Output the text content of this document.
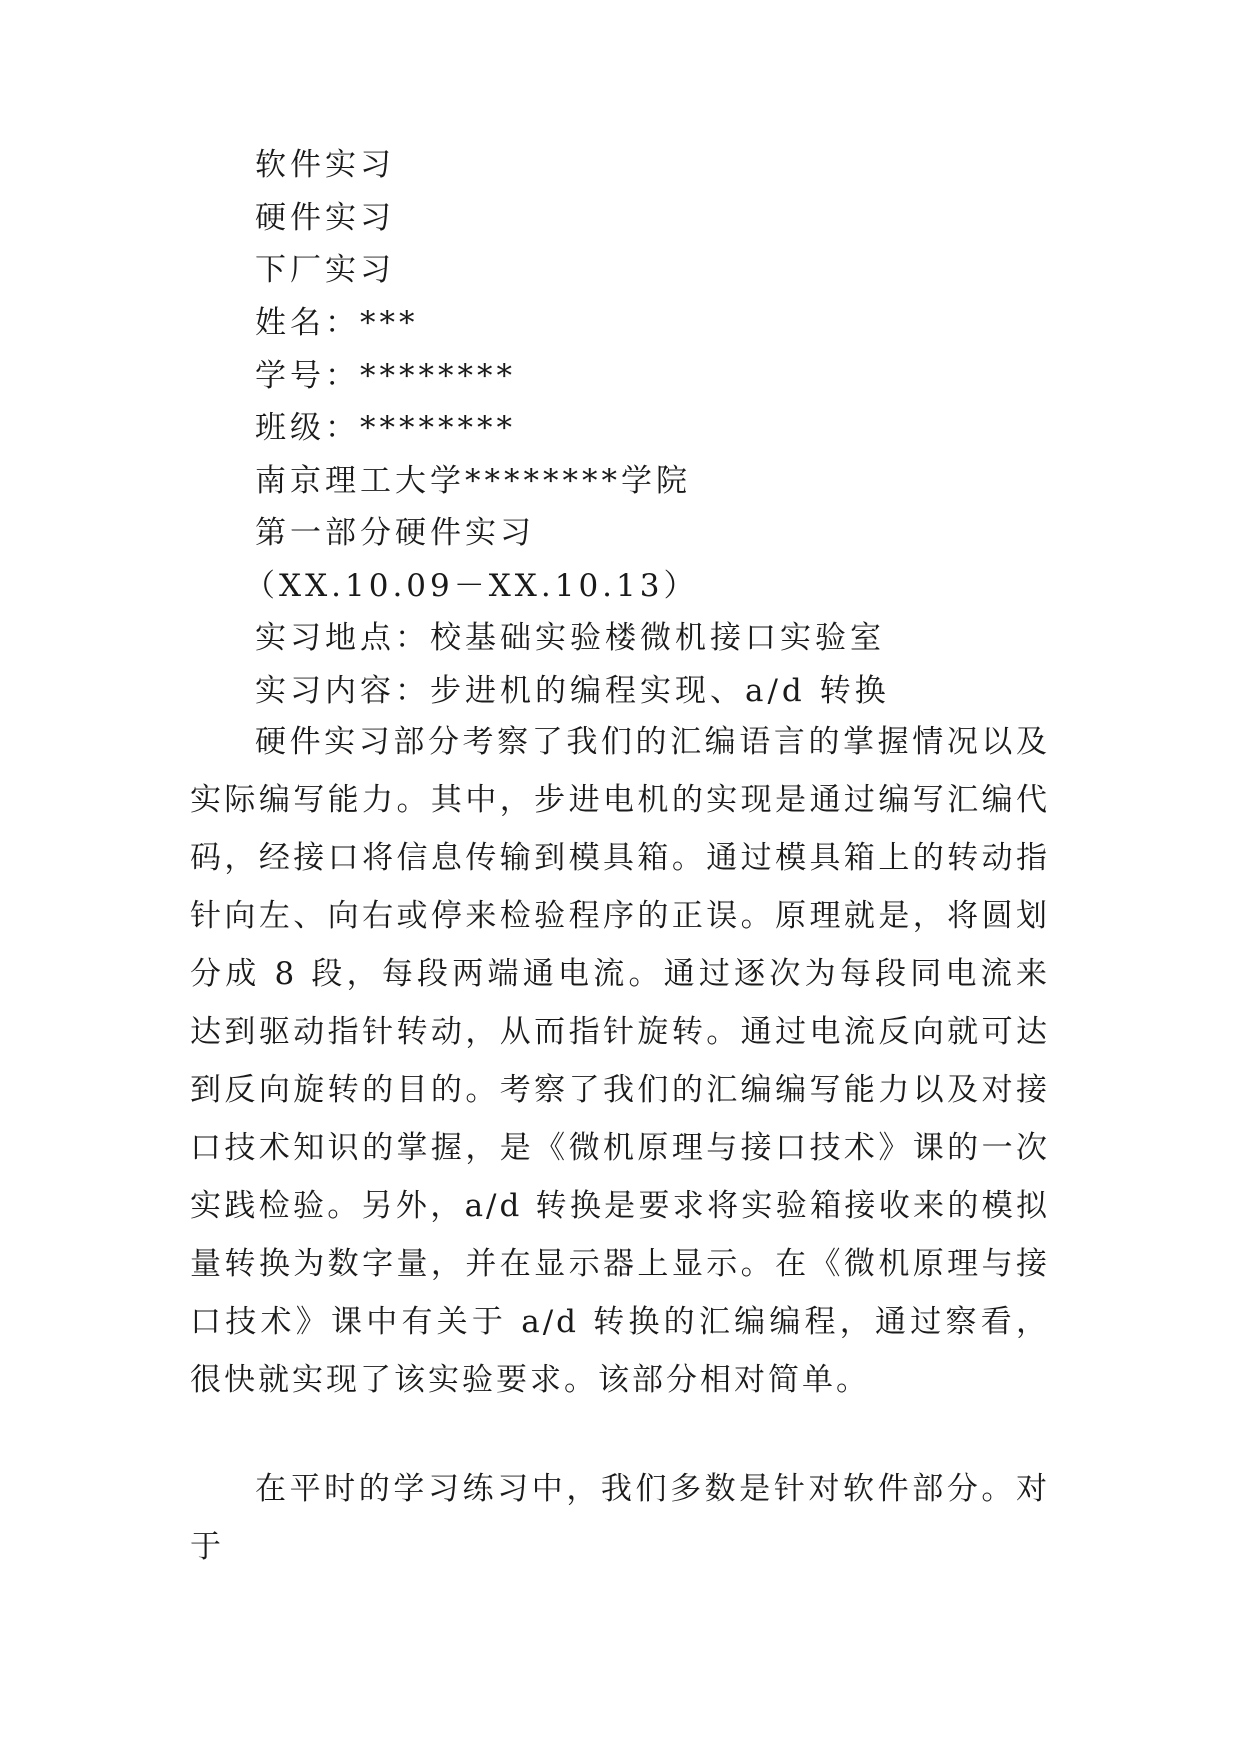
软件实习
硬件实习
下厂实习
姓名：***
学号：********
班级：********
南京理工大学********学院
第一部分硬件实习
（XX.10.09－XX.10.13）
实习地点：校基础实验楼微机接口实验室
实习内容：步进机的编程实现、a/d 转换

硬件实习部分考察了我们的汇编语言的掌握情况以及实际编写能力。其中，步进电机的实现是通过编写汇编代码，经接口将信息传输到模具箱。通过模具箱上的转动指针向左、向右或停来检验程序的正误。原理就是，将圆划分成 8 段，每段两端通电流。通过逐次为每段同电流来达到驱动指针转动，从而指针旋转。通过电流反向就可达到反向旋转的目的。考察了我们的汇编编写能力以及对接口技术知识的掌握，是《微机原理与接口技术》课的一次实践检验。另外，a/d 转换是要求将实验箱接收来的模拟量转换为数字量，并在显示器上显示。在《微机原理与接口技术》课中有关于 a/d 转换的汇编编程，通过察看，很快就实现了该实验要求。该部分相对简单。

在平时的学习练习中，我们多数是针对软件部分。对于
